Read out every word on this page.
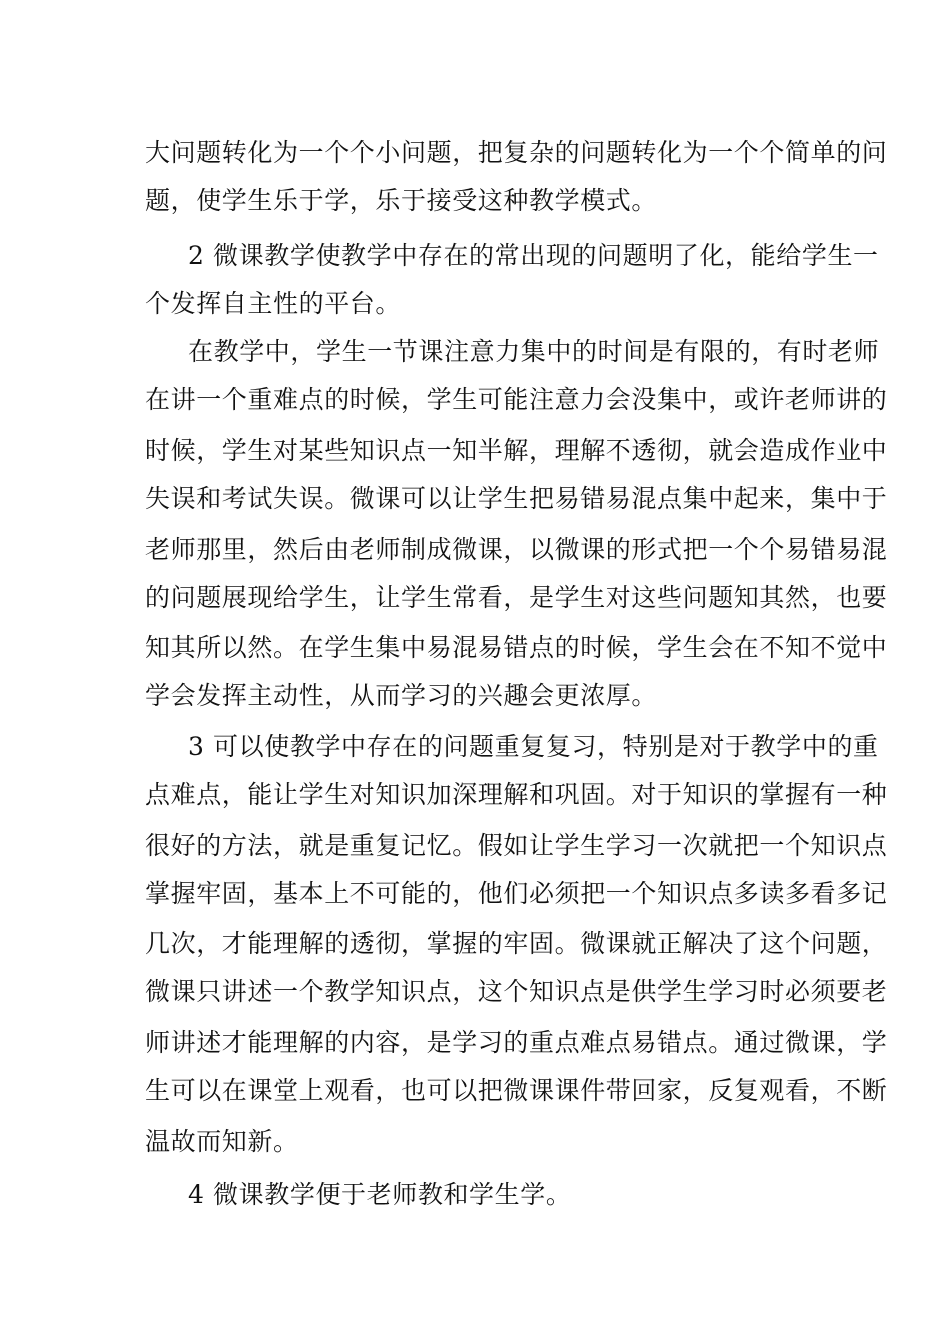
大问题转化为一个个小问题，把复杂的问题转化为一个个简单的问
题，使学生乐于学，乐于接受这种教学模式。
2 微课教学使教学中存在的常出现的问题明了化，能给学生一
个发挥自主性的平台。
在教学中，学生一节课注意力集中的时间是有限的，有时老师
在讲一个重难点的时候，学生可能注意力会没集中，或许老师讲的
时候，学生对某些知识点一知半解，理解不透彻，就会造成作业中
失误和考试失误。微课可以让学生把易错易混点集中起来，集中于
老师那里，然后由老师制成微课，以微课的形式把一个个易错易混
的问题展现给学生，让学生常看，是学生对这些问题知其然，也要
知其所以然。在学生集中易混易错点的时候，学生会在不知不觉中
学会发挥主动性，从而学习的兴趣会更浓厚。
3 可以使教学中存在的问题重复复习，特别是对于教学中的重
点难点，能让学生对知识加深理解和巩固。对于知识的掌握有一种
很好的方法，就是重复记忆。假如让学生学习一次就把一个知识点
掌握牢固，基本上不可能的，他们必须把一个知识点多读多看多记
几次，才能理解的透彻，掌握的牢固。微课就正解决了这个问题，
微课只讲述一个教学知识点，这个知识点是供学生学习时必须要老
师讲述才能理解的内容，是学习的重点难点易错点。通过微课，学
生可以在课堂上观看，也可以把微课课件带回家，反复观看，不断
温故而知新。
4 微课教学便于老师教和学生学。
